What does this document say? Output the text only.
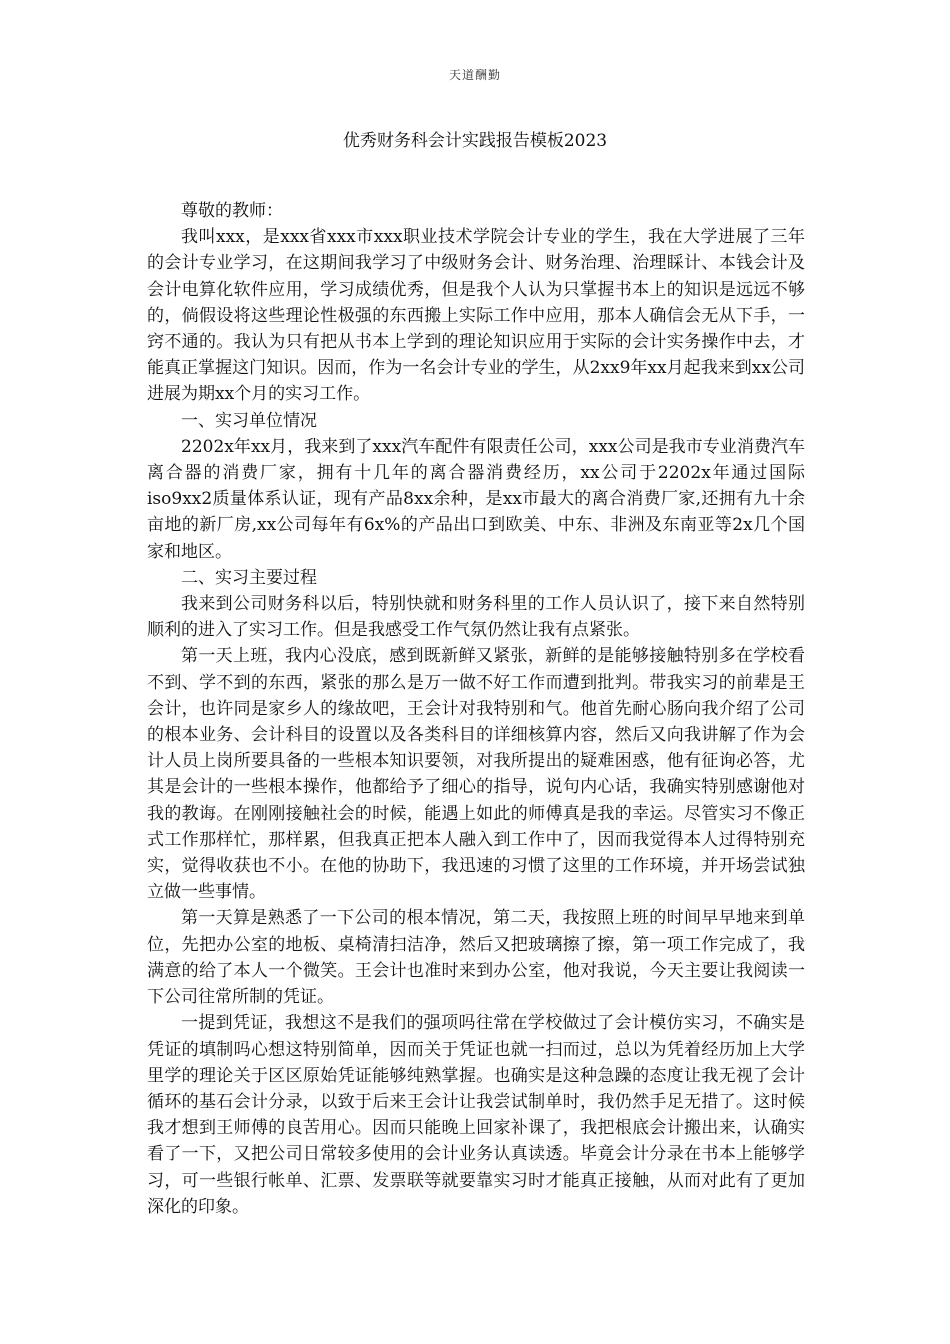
天道酬勤
优秀财务科会计实践报告模板2023

尊敬的教师：

我叫xxx，是xxx省xxx市xxx职业技术学院会计专业的学生，我在大学进展了三年的会计专业学习，在这期间我学习了中级财务会计、财务治理、治理睬计、本钱会计及会计电算化软件应用，学习成绩优秀，但是我个人认为只掌握书本上的知识是远远不够的，倘假设将这些理论性极强的东西搬上实际工作中应用，那本人确信会无从下手，一窍不通的。我认为只有把从书本上学到的理论知识应用于实际的会计实务操作中去，才能真正掌握这门知识。因而，作为一名会计专业的学生，从2xx9年xx月起我来到xx公司进展为期xx个月的实习工作。

一、实习单位情况

2202x年xx月，我来到了xxx汽车配件有限责任公司，xxx公司是我市专业消费汽车离合器的消费厂家，拥有十几年的离合器消费经历，xx公司于2202x年通过国际iso9xx2质量体系认证，现有产品8xx余种，是xx市最大的离合消费厂家,还拥有九十余亩地的新厂房,xx公司每年有6x%的产品出口到欧美、中东、非洲及东南亚等2x几个国家和地区。

二、实习主要过程

我来到公司财务科以后，特别快就和财务科里的工作人员认识了，接下来自然特别顺利的进入了实习工作。但是我感受工作气氛仍然让我有点紧张。

第一天上班，我内心没底，感到既新鲜又紧张，新鲜的是能够接触特别多在学校看不到、学不到的东西，紧张的那么是万一做不好工作而遭到批判。带我实习的前辈是王会计，也许同是家乡人的缘故吧，王会计对我特别和气。他首先耐心肠向我介绍了公司的根本业务、会计科目的设置以及各类科目的详细核算内容，然后又向我讲解了作为会计人员上岗所要具备的一些根本知识要领，对我所提出的疑难困惑，他有征询必答，尤其是会计的一些根本操作，他都给予了细心的指导，说句内心话，我确实特别感谢他对我的教诲。在刚刚接触社会的时候，能遇上如此的师傅真是我的幸运。尽管实习不像正式工作那样忙，那样累，但我真正把本人融入到工作中了，因而我觉得本人过得特别充实，觉得收获也不小。在他的协助下，我迅速的习惯了这里的工作环境，并开场尝试独立做一些事情。

第一天算是熟悉了一下公司的根本情况，第二天，我按照上班的时间早早地来到单位，先把办公室的地板、桌椅清扫洁净，然后又把玻璃擦了擦，第一项工作完成了，我满意的给了本人一个微笑。王会计也准时来到办公室，他对我说，今天主要让我阅读一下公司往常所制的凭证。

一提到凭证，我想这不是我们的强项吗往常在学校做过了会计模仿实习，不确实是凭证的填制吗心想这特别简单，因而关于凭证也就一扫而过，总以为凭着经历加上大学里学的理论关于区区原始凭证能够纯熟掌握。也确实是这种急躁的态度让我无视了会计循环的基石会计分录，以致于后来王会计让我尝试制单时，我仍然手足无措了。这时候我才想到王师傅的良苦用心。因而只能晚上回家补课了，我把根底会计搬出来，认确实看了一下，又把公司日常较多使用的会计业务认真读透。毕竟会计分录在书本上能够学习，可一些银行帐单、汇票、发票联等就要靠实习时才能真正接触，从而对此有了更加深化的印象。
